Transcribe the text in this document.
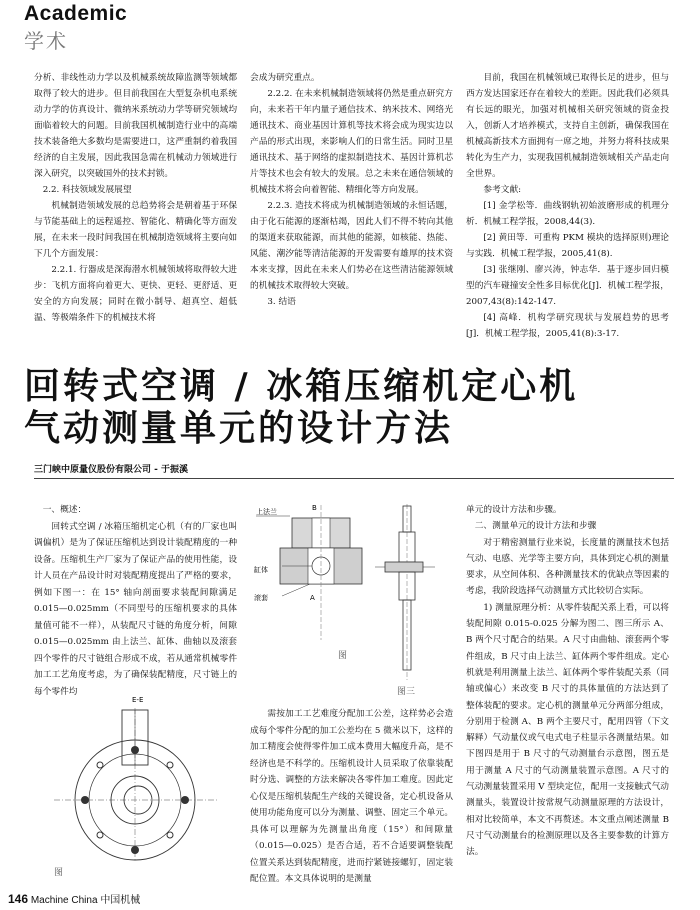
Academic
学术

分析、非线性动力学以及机械系统故障监测等领域都取得了较大的进步。但目前我国在大型复杂机电系统动力学的仿真设计、微纳米系统动力学等研究领域均面临着较大的问题。目前我国机械制造行业中的高端技术装备绝大多数均是需要进口，这严重制约着我国经济的自主发展，因此我国急需在机械动力领域进行深入研究，以突破国外的技术封锁。

2.2. 科技领域发展展望

机械制造领域发展的总趋势将会是朝着基于环保与节能基础上的远程遥控、智能化、精确化等方面发展，在未来一段时间我国在机械制造领域将主要向如下几个方面发展：

2.2.1. 行器成是深海潜水机械领域将取得较大进步：飞机方面将向着更大、更快、更轻、更舒适、更安全的方向发展；同时在微小制导、超真空、超低温、等极端条件下的机械技术将

会成为研究重点。

2.2.2. 在未来机械制造领域将仍然是重点研究方向，未来若干年内量子通信技术、纳米技术、网络光通讯技术、商业基因计算机等技术将会成为现实边以产品的形式出现，来影响人们的日常生活。同时卫星通讯技术、基于网络的虚拟制造技术、基因计算机芯片等技术也会有较大的发展。总之未来在通信领域的机械技术将会向着智能、精细化等方向发展。

2.2.3. 造技术将成为机械制造领域的永恒话题，由于化石能源的逐渐枯竭，因此人们不得不转向其他的渠道来获取能源，而其他的能源，如核能、热能、风能、潮汐能等清洁能源的开发需要有雄厚的技术资本来支撑，因此在未来人们势必在这些清洁能源领域的机械技术取得较大突破。

3. 结语

目前，我国在机械领域已取得长足的进步，但与西方发达国家还存在着较大的差距。因此我们必须具有长远的眼光，加强对机械相关研究领域的资金投入，创新人才培养模式，支持自主创新，确保我国在机械高新技术方面拥有一席之地，并努力将科技成果转化为生产力，实现我国机械制造领域相关产品走向全世界。

参考文献:

[1] 金学松等．曲线钢轨初始波磨形成的机理分析．机械工程学报，2008,44(3).

[2] 黄田等．可重构 PKM 模块的选择原则)理论与实践．机械工程学报，2005,41(8).

[3] 张继刚、廖兴涛，钟志华．基于逐步回归模型的汽车碰撞安全性多目标优化[J]．机械工程学报，2007,43(8):142-147.

[4] 高峰．机构学研究现状与发展趋势的思考[J]．机械工程学报，2005,41(8):3-17.

回转式空调 / 冰箱压缩机定心机
气动测量单元的设计方法
三门峡中原量仪股份有限公司 - 于振溪

一、概述：

回转式空调 / 冰箱压缩机定心机（有的厂家也叫调偏机）是为了保证压缩机达到设计装配精度的一种设备。压缩机生产厂家为了保证产品的使用性能，设计人员在产品设计时对装配精度提出了严格的要求，例如下图一：在 15° 轴向剖面要求装配间隙满足 0.015—0.025mm（不同型号的压缩机要求的具体量值可能不一样），从装配尺寸链的角度分析，间隙 0.015—0.025mm 由上法兰、缸体、曲轴以及滚套四个零件的尺寸链组合形成不成，若从通常机械零件加工工艺角度考虑，为了确保装配精度，尺寸链上的每个零件均

需按加工工艺难度分配加工公差，这样势必会造成每个零件分配的加工公差均在 5 微米以下，这样的加工精度会使得零件加工成本费用大幅度升高，是不经济也是不科学的。压缩机设计人员采取了依靠装配时分选、调整的方法来解决各零件加工难度。因此定心仪是压缩机装配生产线的关键设备，定心机设备从使用功能角度可以分为测量、调整、固定三个单元。具体可以理解为先测量出角度（15°）和间隙量（0.015—0.025）是否合适，若不合适要调整装配位置关系达到装配精度，进而拧紧链接螺钉，固定装配位置。本文具体说明的是测量

单元的设计方法和步骤。

二、测量单元的设计方法和步骤

对于精密测量行业来说，长度量的测量技术包括气动、电感、光学等主要方向，具体到定心机的测量要求，从空间体积、各种测量技术的优缺点等因素的考虑，我阶段选择气动测量方式比较切合实际。

1) 测量原理分析：从零件装配关系上看，可以将装配间隙 0.015-0.025 分解为图二、图三所示 A、B 两个尺寸配合的结果。A 尺寸由曲轴、滚套两个零件组成，B 尺寸由上法兰、缸体两个零件组成。定心机就是利用测量上法兰、缸体两个零件装配关系（同轴或偏心）来改变 B 尺寸的具体量值的方法达到了整体装配的要求。定心机的测量单元分两部分组成，分别用于检测 A、B 两个主要尺寸，配用四管（下文解释）气动量仪或气电式电子柱显示各测量结果。如下图四是用于 B 尺寸的气动测量台示意图，图五是用于测量 A 尺寸的气动测量装置示意图。A 尺寸的气动测量装置采用 V 型块定位，配用一支接触式气动测量头，装置设计按常规气动测量原理的方法设计，相对比较简单，本文不再赘述。本文重点阐述测量 B 尺寸气动测量台的检测原理以及各主要参数的计算方法。

E-E
图
上法兰	B
缸体
A
滚套
图
图三
146 Machine China 中国机械
